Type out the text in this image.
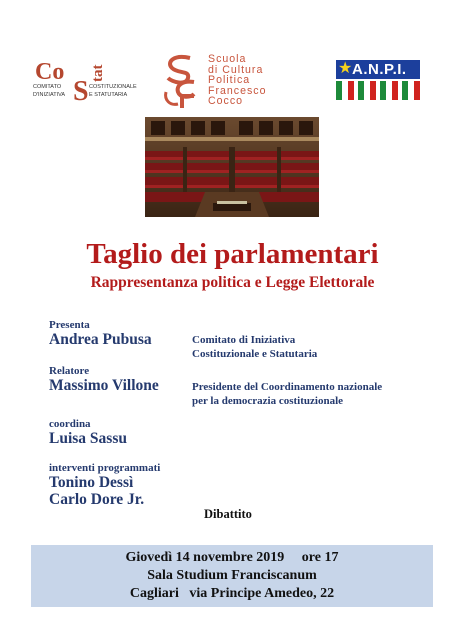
Co
S
tat
COMITATO
D'INIZIATIVA
COSTITUZIONALE
E STATUTARIA
Scuola
di Cultura
Politica
Francesco
Cocco
★ A.N.P.I.
Taglio dei parlamentari
Rappresentanza politica e Legge Elettorale
Presenta
Andrea Pubusa	Comitato di Iniziativa
Costituzionale e Statutaria
Relatore
Massimo Villone	Presidente del Coordinamento nazionale
per la democrazia costituzionale
coordina
Luisa Sassu
interventi programmati
Tonino Dessì
Carlo Dore Jr.
Dibattito
Giovedì 14 novembre 2019     ore 17
Sala Studium Franciscanum
Cagliari   via Principe Amedeo, 22
